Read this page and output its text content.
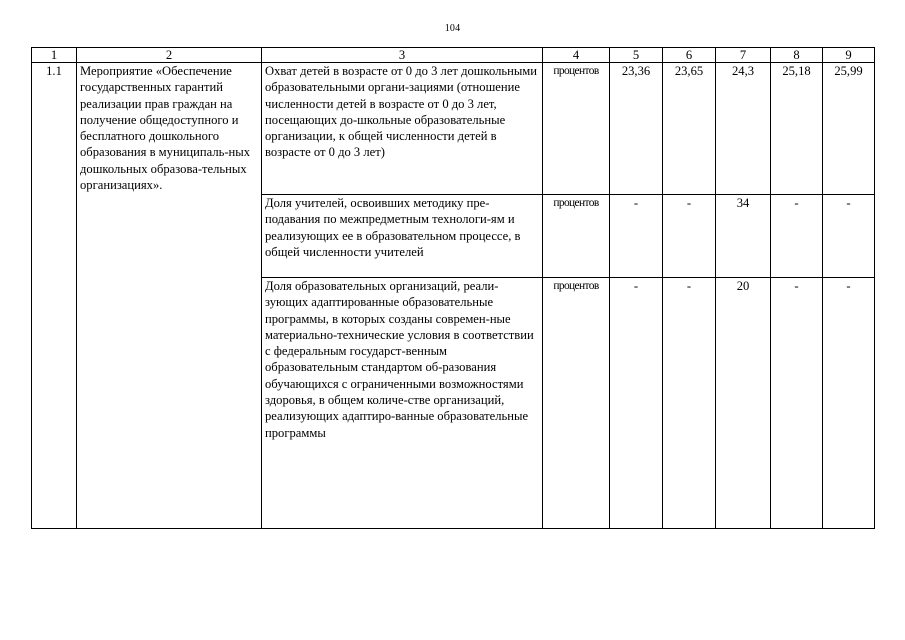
104
1	2	3	4	5	6	7	8	9
1.1	Мероприятие «Обеспечение государственных гарантий реализации прав граждан на получение общедоступного и бесплатного дошкольного образования в муниципаль-ных дошкольных образова-тельных организациях».	Охват детей в возрасте от 0 до 3 лет дошкольными образовательными органи-зациями (отношение численности детей в возрасте от 0 до 3 лет, посещающих до-школьные образовательные организации, к общей численности детей в возрасте от 0 до 3 лет)	процентов	23,36	23,65	24,3	25,18	25,99
		Доля учителей, освоивших методику пре-подавания по межпредметным технологи-ям и реализующих ее в образовательном процессе, в общей численности учителей	процентов	-	-	34	-	-
		Доля образовательных организаций, реали-зующих адаптированные образовательные программы, в которых созданы современ-ные материально-технические условия в соответствии с федеральным государст-венным образовательным стандартом об-разования обучающихся с ограниченными возможностями здоровья, в общем количе-стве организаций, реализующих адаптиро-ванные образовательные программы	процентов	-	-	20	-	-
